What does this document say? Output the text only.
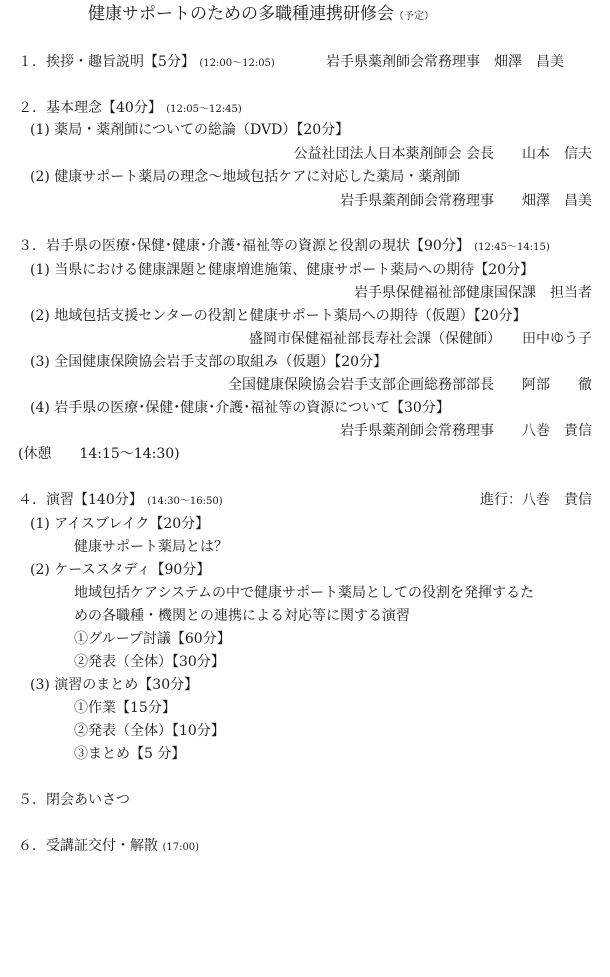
健康サポートのための多職種連携研修会（予定）
１．挨拶・趣旨説明【5分】 (12:00～12:05)	岩手県薬剤師会常務理事　畑澤　昌美
２．基本理念【40分】 (12:05～12:45)
(1) 薬局・薬剤師についての総論（DVD）【20分】
公益社団法人日本薬剤師会 会長　　山本　信夫
(2) 健康サポート薬局の理念～地域包括ケアに対応した薬局・薬剤師
岩手県薬剤師会常務理事　　畑澤　昌美
３．岩手県の医療･保健･健康･介護･福祉等の資源と役割の現状【90分】 (12:45～14:15)
(1) 当県における健康課題と健康増進施策、健康サポート薬局への期待【20分】
岩手県保健福祉部健康国保課　担当者
(2) 地域包括支援センターの役割と健康サポート薬局への期待（仮題）【20分】
盛岡市保健福祉部長寿社会課（保健師）　　田中ゆう子
(3) 全国健康保険協会岩手支部の取組み（仮題）【20分】
全国健康保険協会岩手支部企画総務部部長　　阿部　　徹
(4) 岩手県の医療･保健･健康･介護･福祉等の資源について【30分】
岩手県薬剤師会常務理事　　八巻　貴信
(休憩　　14:15～14:30)
４．演習【140分】 (14:30～16:50)	進行：八巻　貴信
(1) アイスブレイク【20分】
健康サポート薬局とは？
(2) ケーススタディ【90分】
地域包括ケアシステムの中で健康サポート薬局としての役割を発揮するた
めの各職種・機関との連携による対応等に関する演習
①グループ討議【60分】
②発表（全体）【30分】
(3) 演習のまとめ【30分】
①作業【15分】
②発表（全体）【10分】
③まとめ【5 分】
５．閉会あいさつ
６．受講証交付・解散 (17:00)
